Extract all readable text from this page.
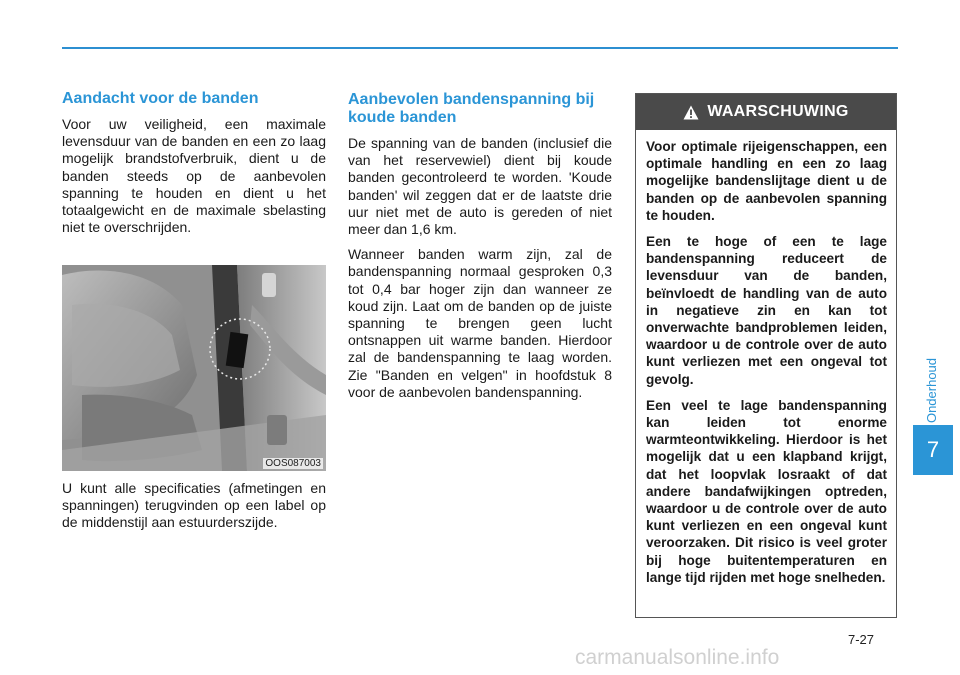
Aandacht voor de banden

Voor uw veiligheid, een maximale levensduur van de banden en een zo laag mogelijk brandstofverbruik, dient u de banden steeds op de aanbevolen spanning te houden en dient u het totaalgewicht en de maximale sbelasting niet te overschrijden.

OOS087003

U kunt alle specificaties (afmetingen en spanningen) terugvinden op een label op de middenstijl aan estuurderszijde.

Aanbevolen bandenspanning bij koude banden

De spanning van de banden (inclusief die van het reservewiel) dient bij koude banden gecontroleerd te worden. 'Koude banden' wil zeggen dat er de laatste drie uur niet met de auto is gereden of niet meer dan 1,6 km.

Wanneer banden warm zijn, zal de bandenspanning normaal gesproken 0,3 tot 0,4 bar hoger zijn dan wanneer ze koud zijn. Laat om de banden op de juiste spanning te brengen geen lucht ontsnappen uit warme banden. Hierdoor zal de bandenspanning te laag worden. Zie "Banden en velgen" in hoofdstuk 8 voor de aanbevolen bandenspanning.

WAARSCHUWING

Voor optimale rijeigenschappen, een optimale handling en een zo laag mogelijke bandenslijtage dient u de banden op de aanbevolen spanning te houden.

Een te hoge of een te lage bandenspanning reduceert de levensduur van de banden, beïnvloedt de handling van de auto in negatieve zin en kan tot onverwachte bandproblemen leiden, waardoor u de controle over de auto kunt verliezen met een ongeval tot gevolg.

Een veel te lage bandenspanning kan leiden tot enorme warmteontwikkeling. Hierdoor is het mogelijk dat u een klapband krijgt, dat het loopvlak losraakt of dat andere bandafwijkingen optreden, waardoor u de controle over de auto kunt verliezen en een ongeval kunt veroorzaken. Dit risico is veel groter bij hoge buitentemperaturen en lange tijd rijden met hoge snelheden.

Onderhoud
7
7-27
carmanualsonline.info
